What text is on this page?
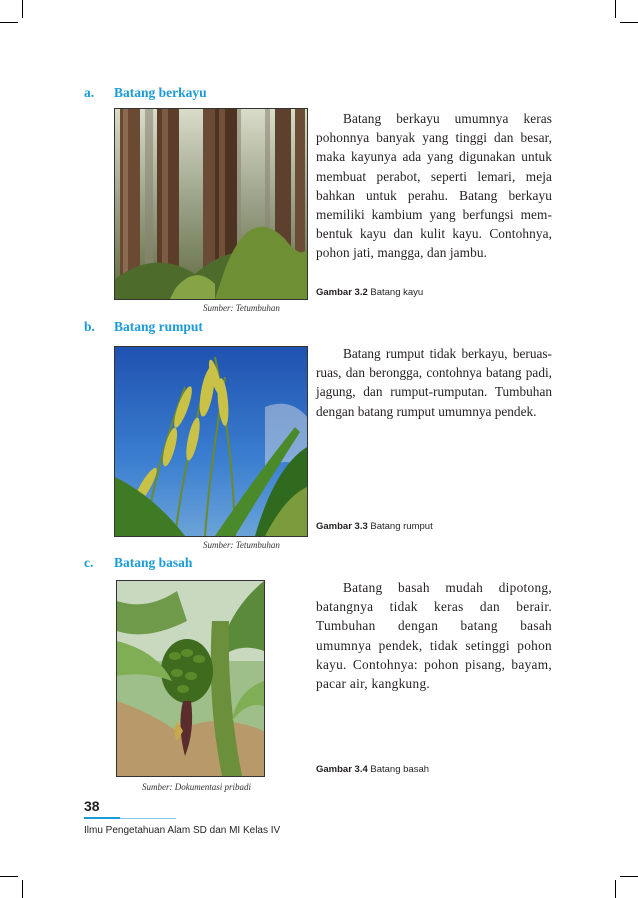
a. Batang berkayu
Sumber: Tetumbuhan
Batang berkayu umumnya keras pohonnya banyak yang tinggi dan besar, maka kayunya ada yang digunakan untuk membuat perabot, seperti lemari, meja bahkan untuk perahu. Batang berkayu memiliki kambium yang berfungsi mem-bentuk kayu dan kulit kayu. Contohnya, pohon jati, mangga, dan jambu.
Gambar 3.2 Batang kayu
b. Batang rumput
Sumber: Tetumbuhan
Batang rumput tidak berkayu, beruas-ruas, dan berongga, contohnya batang padi, jagung, dan rumput-rumputan. Tumbuhan dengan batang rumput umumnya pendek.
Gambar 3.3 Batang rumput
c. Batang basah
Sumber: Dokumentasi pribadi
Batang basah mudah dipotong, batangnya tidak keras dan berair. Tumbuhan dengan batang basah umumnya pendek, tidak setinggi pohon kayu. Contohnya: pohon pisang, bayam, pacar air, kangkung.
Gambar 3.4 Batang basah
38
Ilmu Pengetahuan Alam SD dan MI Kelas IV
